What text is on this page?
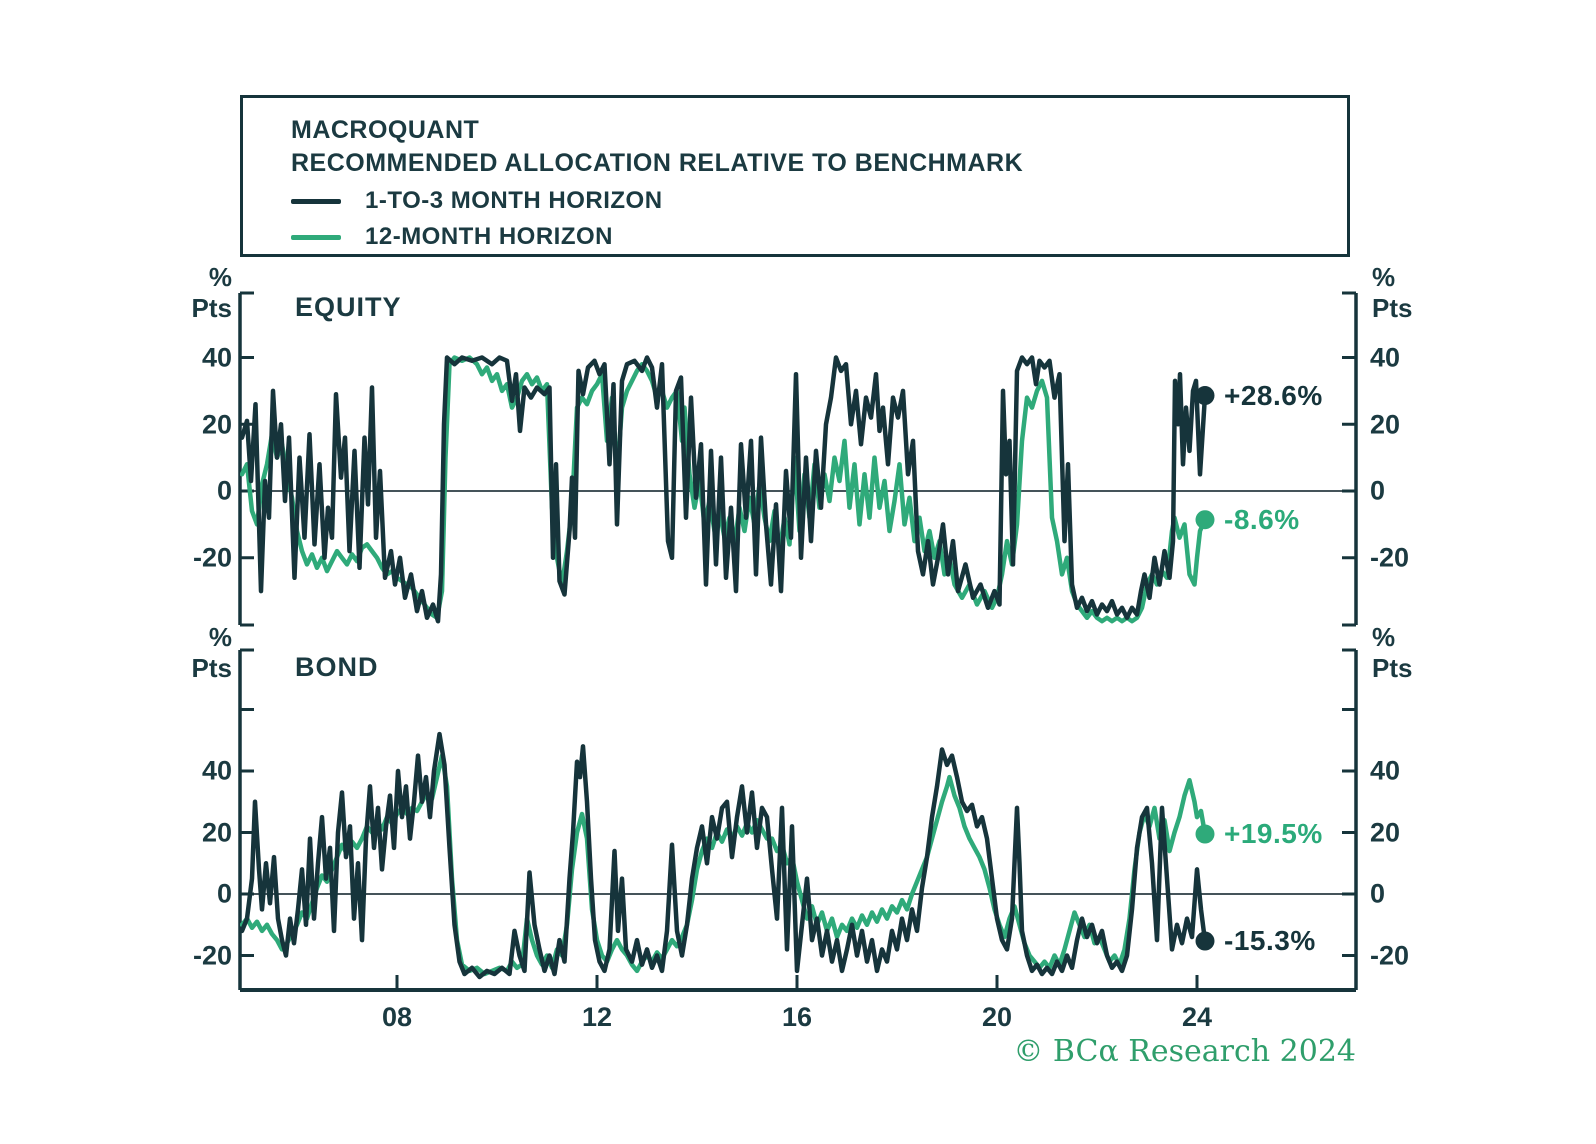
MACROQUANT
RECOMMENDED ALLOCATION RELATIVE TO BENCHMARK
1-TO-3 MONTH HORIZON
12-MONTH HORIZON
%
Pts
%
Pts
%
Pts
%
Pts
EQUITY
BOND
40
20
0
-20
40
20
0
-20
40
20
0
-20
40
20
0
-20
08	12	16	20	24
+28.6%
-8.6%
+19.5%
-15.3%
© BCα Research 2024
